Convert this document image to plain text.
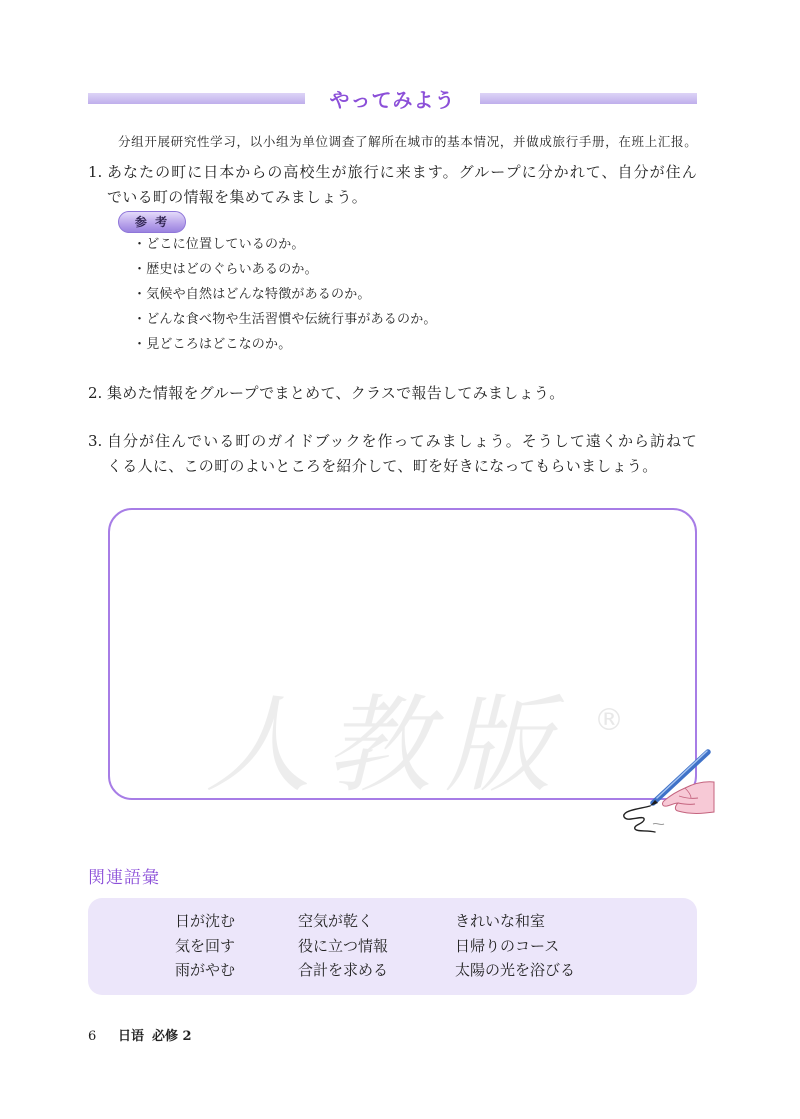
やってみよう
分组开展研究性学习，以小组为单位调查了解所在城市的基本情况，并做成旅行手册，在班上汇报。
1. あなたの町に日本からの高校生が旅行に来ます。グループに分かれて、自分が住ん
でいる町の情報を集めてみましょう。
参 考
・どこに位置しているのか。
・歴史はどのぐらいあるのか。
・気候や自然はどんな特徴があるのか。
・どんな食べ物や生活習慣や伝統行事があるのか。
・見どころはどこなのか。
2. 集めた情報をグループでまとめて、クラスで報告してみましょう。
3. 自分が住んでいる町のガイドブックを作ってみましょう。そうして遠くから訪ねて
くる人に、この町のよいところを紹介して、町を好きになってもらいましょう。
人教版 ®
関連語彙
日が沈む
気を回す
雨がやむ
空気が乾く
役に立つ情報
合計を求める
きれいな和室
日帰りのコース
太陽の光を浴びる
6 日语 必修 2
